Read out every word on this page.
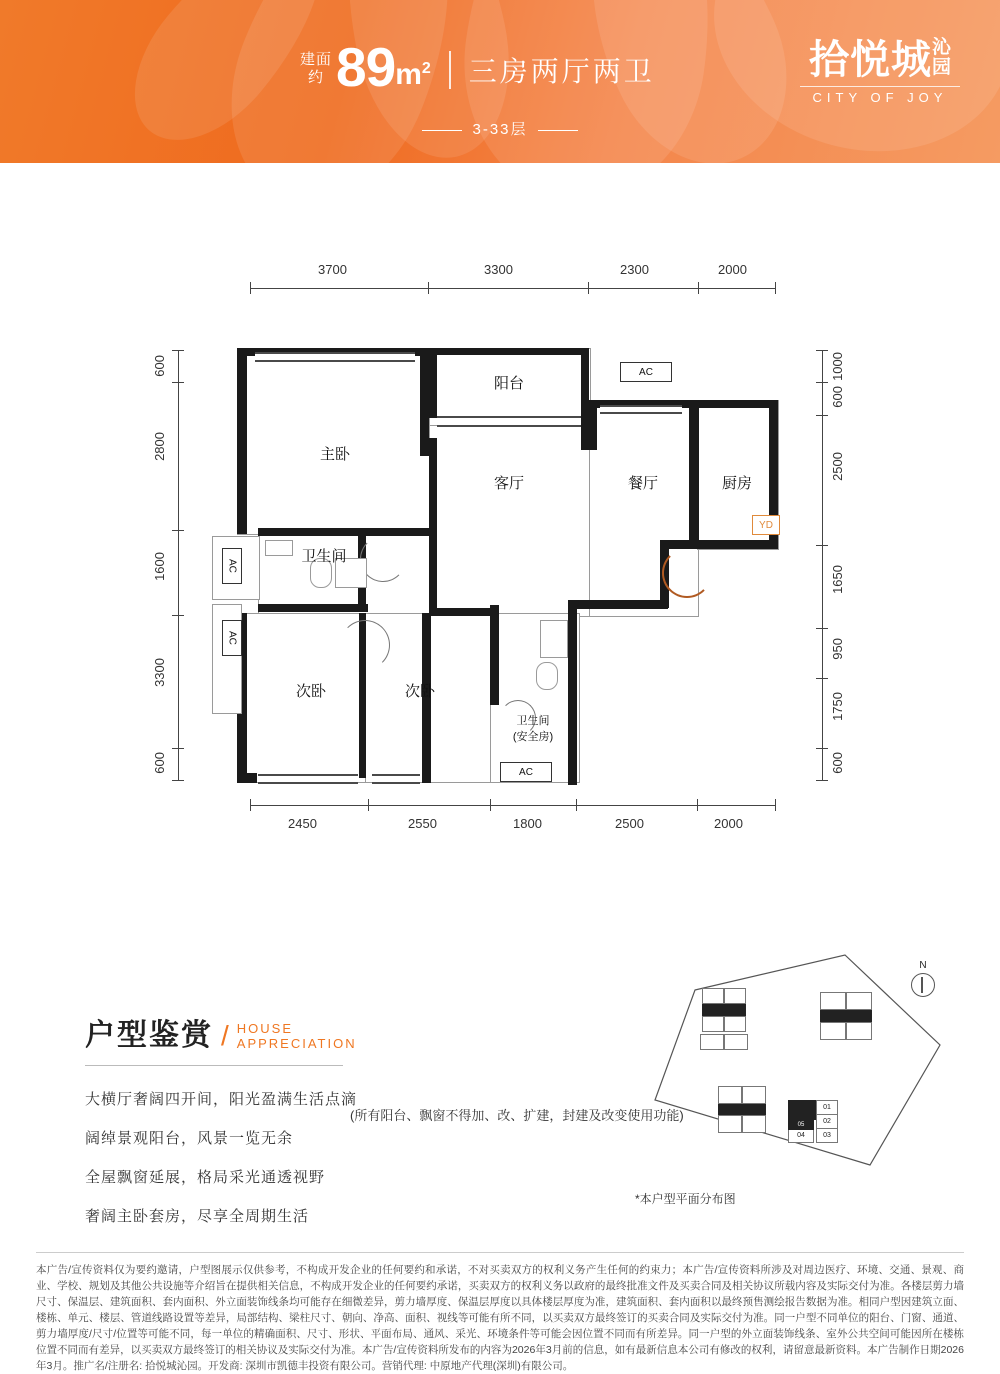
建面
约 89 $m^2$ 三房两厅两卫
3-33层
拾悦城沁
园
CITY OF JOY
3700	3300	2300	2000
2450	2550	1800	2500	2000
600
2800
1600
3300
600
1000
600
2500
1650
950
1750
600
AC
AC
AC
AC
YD
主卧
阳台
客厅	餐厅	厨房
卫生间
次卧	次卧
卫生间
(安全房)
(所有阳台、飘窗不得加、改、扩建，封建及改变使用功能)
户型鉴赏 / HOUSE
APPRECIATION
大横厅奢阔四开间，阳光盈满生活点滴
阔绰景观阳台，风景一览无余
全屋飘窗延展，格局采光通透视野
奢阔主卧套房，尽享全周期生活
N
01
02
03
04
05
*本户型平面分布图
本广告/宣传资料仅为要约邀请，户型图展示仅供参考，不构成开发企业的任何要约和承诺，不对买卖双方的权利义务产生任何的约束力；本广告/宣传资料所涉及对周边医疗、环境、交通、景观、商业、学校、规划及其他公共设施等介绍旨在提供相关信息，不构成开发企业的任何要约承诺，买卖双方的权利义务以政府的最终批准文件及买卖合同及相关协议所载内容及实际交付为准。各楼层剪力墙尺寸、保温层、建筑面积、套内面积、外立面装饰线条均可能存在细微差异，剪力墙厚度、保温层厚度以具体楼层厚度为准，建筑面积、套内面积以最终预售测绘报告数据为准。相同户型因建筑立面、楼栋、单元、楼层、管道线路设置等差异，局部结构、梁柱尺寸、朝向、净高、面积、视线等可能有所不同，以买卖双方最终签订的买卖合同及实际交付为准。同一户型不同单位的阳台、门窗、通道、剪力墙厚度/尺寸/位置等可能不同，每一单位的精确面积、尺寸、形状、平面布局、通风、采光、环境条件等可能会因位置不同而有所差异。同一户型的外立面装饰线条、室外公共空间可能因所在楼栋位置不同而有差异，以买卖双方最终签订的相关协议及实际交付为准。本广告/宣传资料所发布的内容为2026年3月前的信息，如有最新信息本公司有修改的权利，请留意最新资料。本广告制作日期2026年3月。推广名/注册名: 拾悦城沁园。开发商: 深圳市凯德丰投资有限公司。营销代理: 中原地产代理(深圳)有限公司。
